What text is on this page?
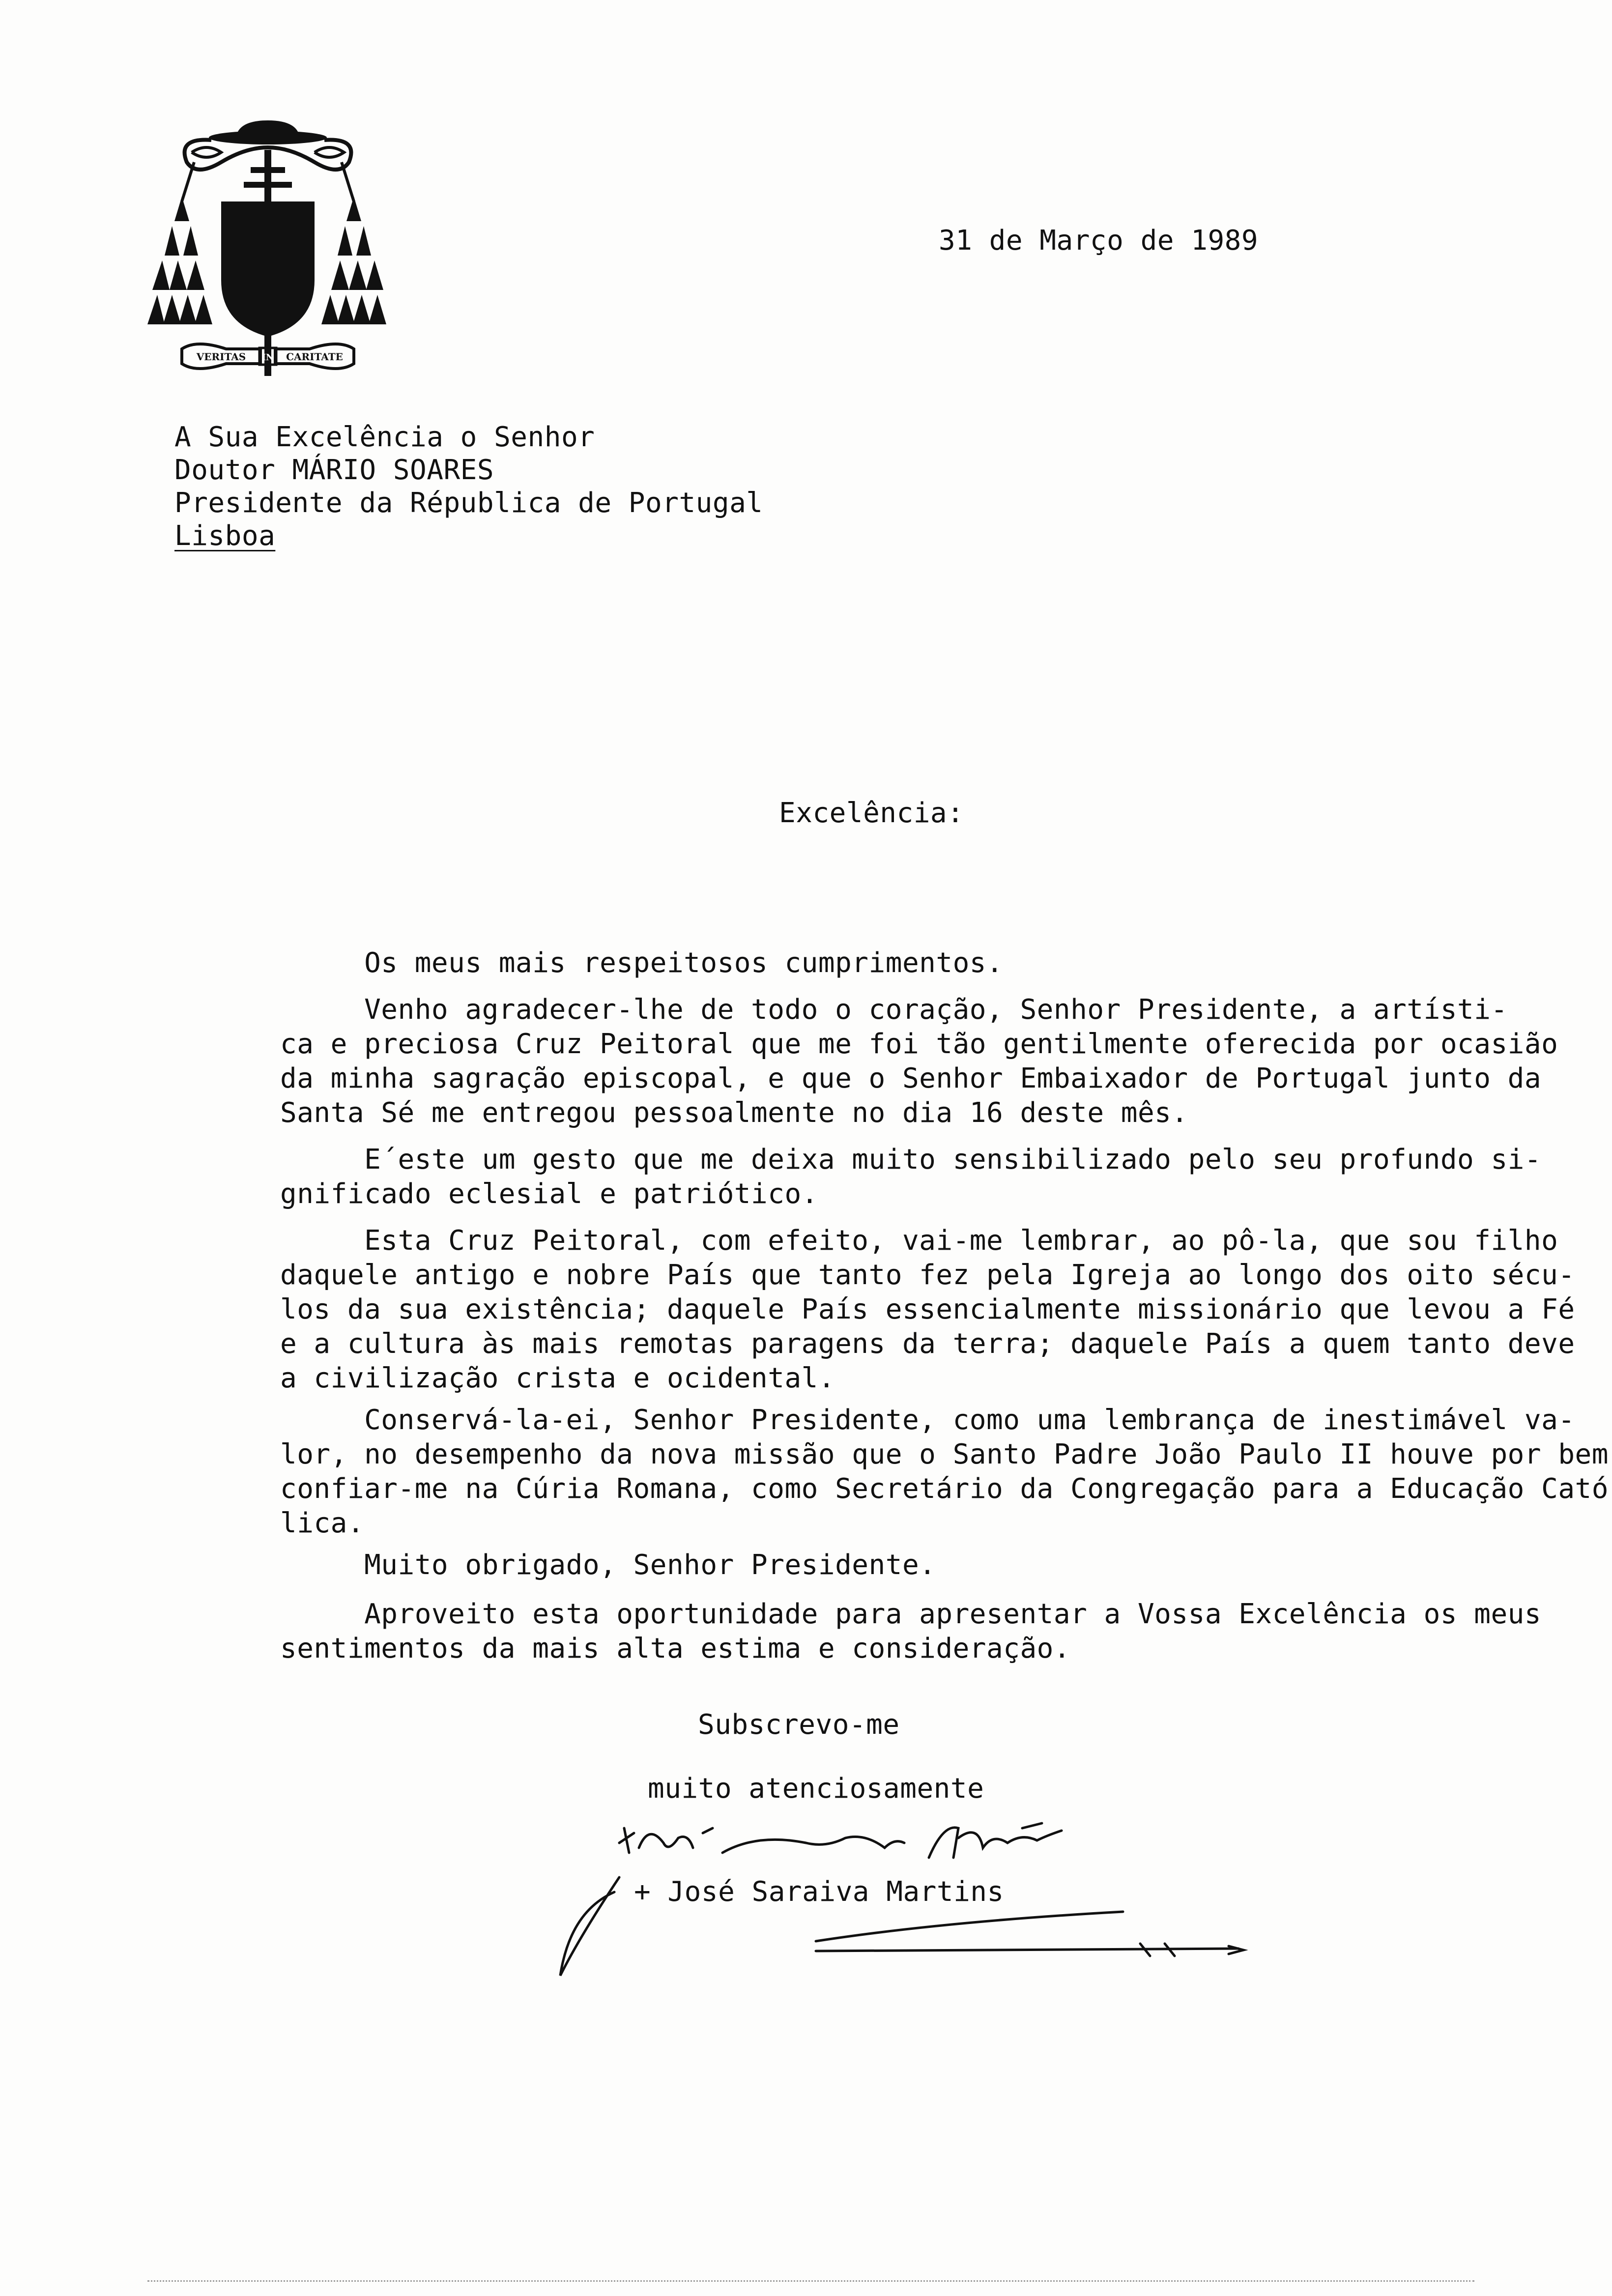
VERITAS	CARITATE
IN
31 de Março de 1989
A Sua Excelência o Senhor
Doutor MÁRIO SOARES
Presidente da Républica de Portugal
Lisboa
Excelência:
Os meus mais respeitosos cumprimentos.
Venho agradecer-lhe de todo o coração, Senhor Presidente, a artísti-
ca e preciosa Cruz Peitoral que me foi tão gentilmente oferecida por ocasião
da minha sagração episcopal, e que o Senhor Embaixador de Portugal junto da
Santa Sé me entregou pessoalmente no dia 16 deste mês.
E´este um gesto que me deixa muito sensibilizado pelo seu profundo si-
gnificado eclesial e patriótico.
Esta Cruz Peitoral, com efeito, vai-me lembrar, ao pô-la, que sou filho
daquele antigo e nobre País que tanto fez pela Igreja ao longo dos oito sécu-
los da sua existência; daquele País essencialmente missionário que levou a Fé
e a cultura às mais remotas paragens da terra; daquele País a quem tanto deve
a civilização crista e ocidental.
Conservá-la-ei, Senhor Presidente, como uma lembrança de inestimável va-
lor, no desempenho da nova missão que o Santo Padre João Paulo II houve por bem
confiar-me na Cúria Romana, como Secretário da Congregação para a Educação Cató
lica.
Muito obrigado, Senhor Presidente.
Aproveito esta oportunidade para apresentar a Vossa Excelência os meus
sentimentos da mais alta estima e consideração.
Subscrevo-me
muito atenciosamente
+ José Saraiva Martins
